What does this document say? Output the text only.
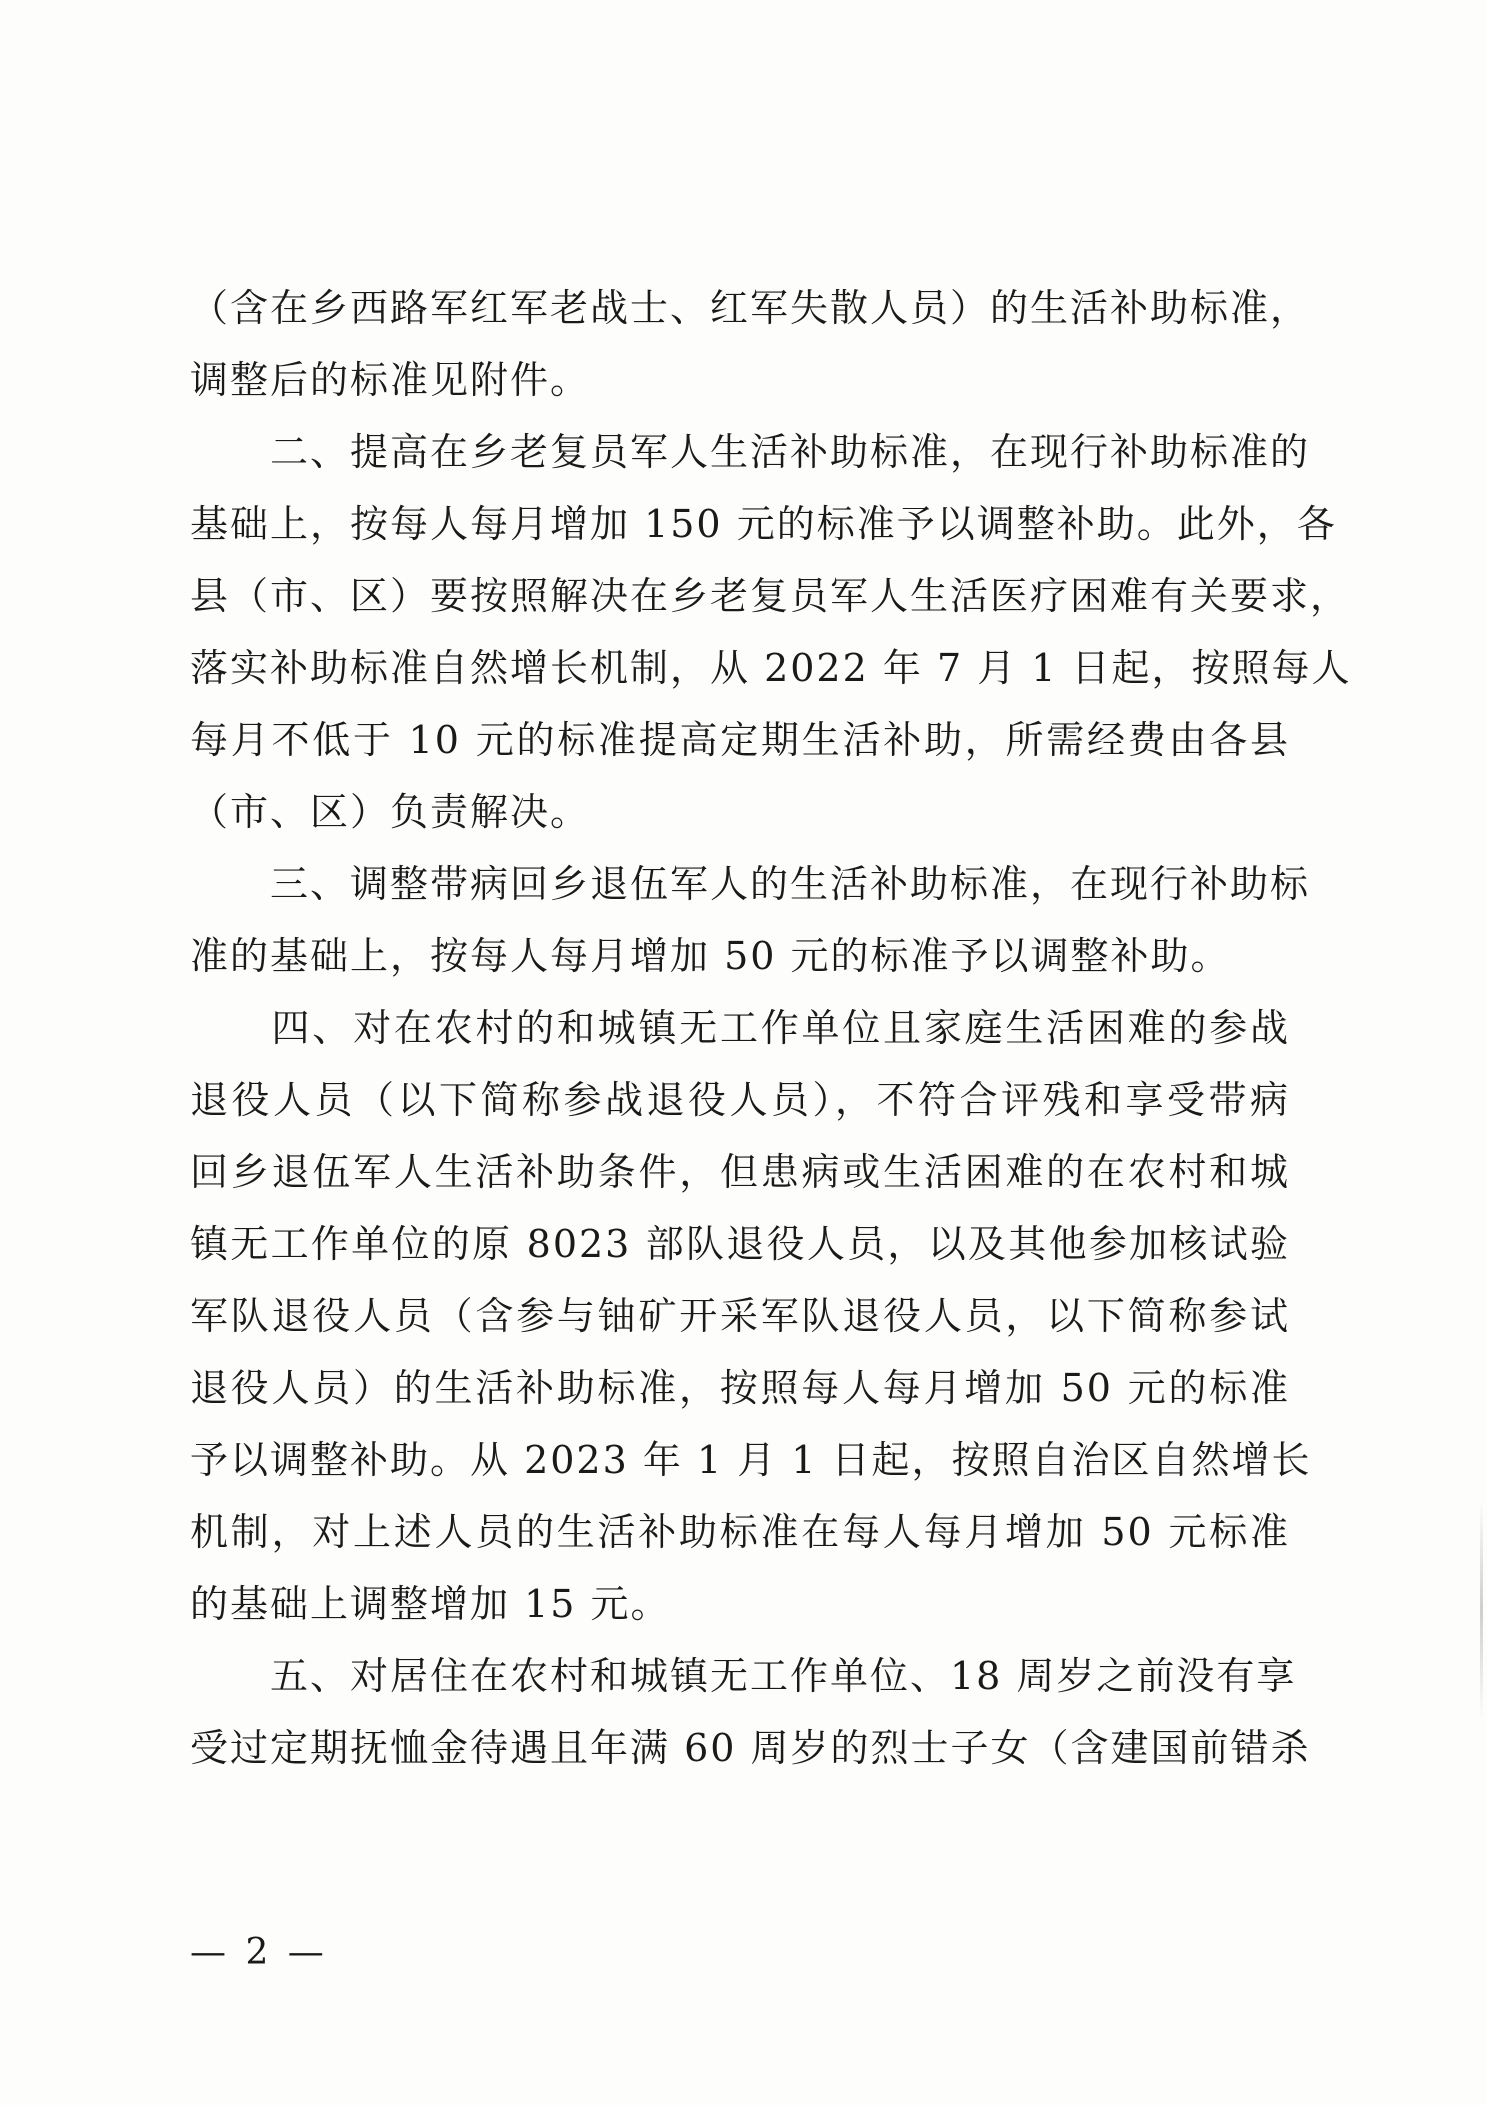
（含在乡西路军红军老战士、红军失散人员）的生活补助标准，
调整后的标准见附件。
　　二、提高在乡老复员军人生活补助标准，在现行补助标准的
基础上，按每人每月增加 150 元的标准予以调整补助。此外，各
县（市、区）要按照解决在乡老复员军人生活医疗困难有关要求，
落实补助标准自然增长机制，从 2022 年 7 月 1 日起，按照每人
每月不低于 10 元的标准提高定期生活补助，所需经费由各县
（市、区）负责解决。
　　三、调整带病回乡退伍军人的生活补助标准，在现行补助标
准的基础上，按每人每月增加 50 元的标准予以调整补助。
　　四、对在农村的和城镇无工作单位且家庭生活困难的参战
退役人员（以下简称参战退役人员），不符合评残和享受带病
回乡退伍军人生活补助条件，但患病或生活困难的在农村和城
镇无工作单位的原 8023 部队退役人员，以及其他参加核试验
军队退役人员（含参与铀矿开采军队退役人员，以下简称参试
退役人员）的生活补助标准，按照每人每月增加 50 元的标准
予以调整补助。从 2023 年 1 月 1 日起，按照自治区自然增长
机制，对上述人员的生活补助标准在每人每月增加 50 元标准
的基础上调整增加 15 元。
　　五、对居住在农村和城镇无工作单位、18 周岁之前没有享
受过定期抚恤金待遇且年满 60 周岁的烈士子女（含建国前错杀
— 2 —
